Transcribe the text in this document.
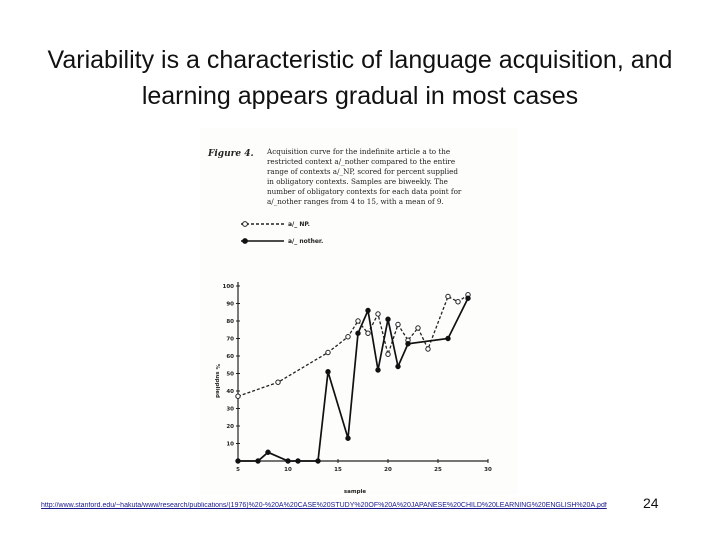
Variability is a characteristic of language acquisition, and learning appears gradual in most cases
Figure 4. Acquisition curve for the indefinite article a to the
restricted context a/_nother compared to the entire
range of contexts a/_NP, scored for percent supplied
in obligatory contexts. Samples are biweekly. The
number of obligatory contexts for each data point for
a/_nother ranges from 4 to 15, with a mean of 9.
a/_ NP.
a/_ nother.
10
20
30
40
50
60
70
80
90
100
5	10	15	20	25	30
sample
% supplied
http://www.stanford.edu/~hakuta/www/research/publications/(1976)%20-%20A%20CASE%20STUDY%20OF%20A%20JAPANESE%20CHILD%20LEARNING%20ENGLISH%20A.pdf	24
